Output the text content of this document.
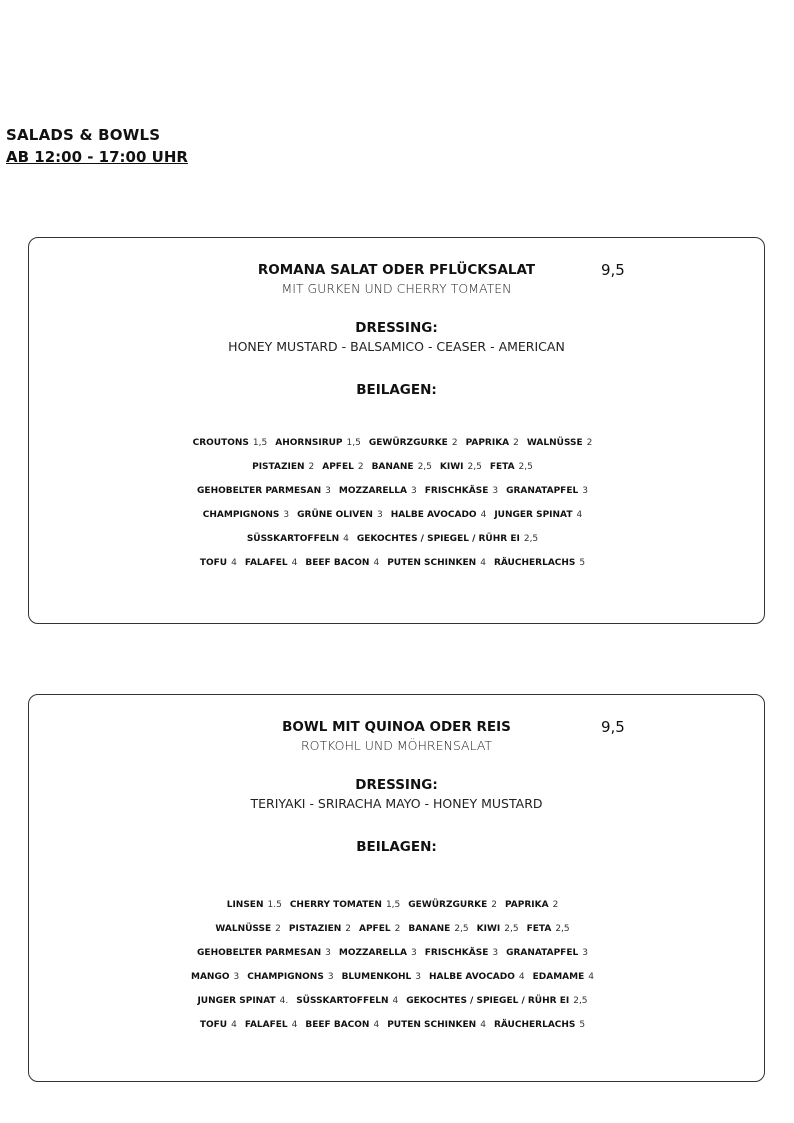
SALADS & BOWLS
AB 12:00 - 17:00 UHR
ROMANA SALAT ODER PFLÜCKSALAT	9,5
MIT GURKEN UND CHERRY TOMATEN
DRESSING:
HONEY MUSTARD - BALSAMICO - CEASER - AMERICAN
BEILAGEN:
CROUTONS 1,5 AHORNSIRUP 1,5 GEWÜRZGURKE 2 PAPRIKA 2 WALNÜSSE 2
PISTAZIEN 2 APFEL 2 BANANE 2,5 KIWI 2,5 FETA 2,5
GEHOBELTER PARMESAN 3 MOZZARELLA 3 FRISCHKÄSE 3 GRANATAPFEL 3
CHAMPIGNONS 3 GRÜNE OLIVEN 3 HALBE AVOCADO 4 JUNGER SPINAT 4
SÜSSKARTOFFELN 4 GEKOCHTES / SPIEGEL / RÜHR EI 2,5
TOFU 4 FALAFEL 4 BEEF BACON 4 PUTEN SCHINKEN 4 RÄUCHERLACHS 5
BOWL MIT QUINOA ODER REIS	9,5
ROTKOHL UND MÖHRENSALAT
DRESSING:
TERIYAKI - SRIRACHA MAYO - HONEY MUSTARD
BEILAGEN:
LINSEN 1.5 CHERRY TOMATEN 1,5 GEWÜRZGURKE 2 PAPRIKA 2
WALNÜSSE 2 PISTAZIEN 2 APFEL 2 BANANE 2,5 KIWI 2,5 FETA 2,5
GEHOBELTER PARMESAN 3 MOZZARELLA 3 FRISCHKÄSE 3 GRANATAPFEL 3
MANGO 3 CHAMPIGNONS 3 BLUMENKOHL 3 HALBE AVOCADO 4 EDAMAME 4
JUNGER SPINAT 4. SÜSSKARTOFFELN 4 GEKOCHTES / SPIEGEL / RÜHR EI 2,5
TOFU 4 FALAFEL 4 BEEF BACON 4 PUTEN SCHINKEN 4 RÄUCHERLACHS 5
